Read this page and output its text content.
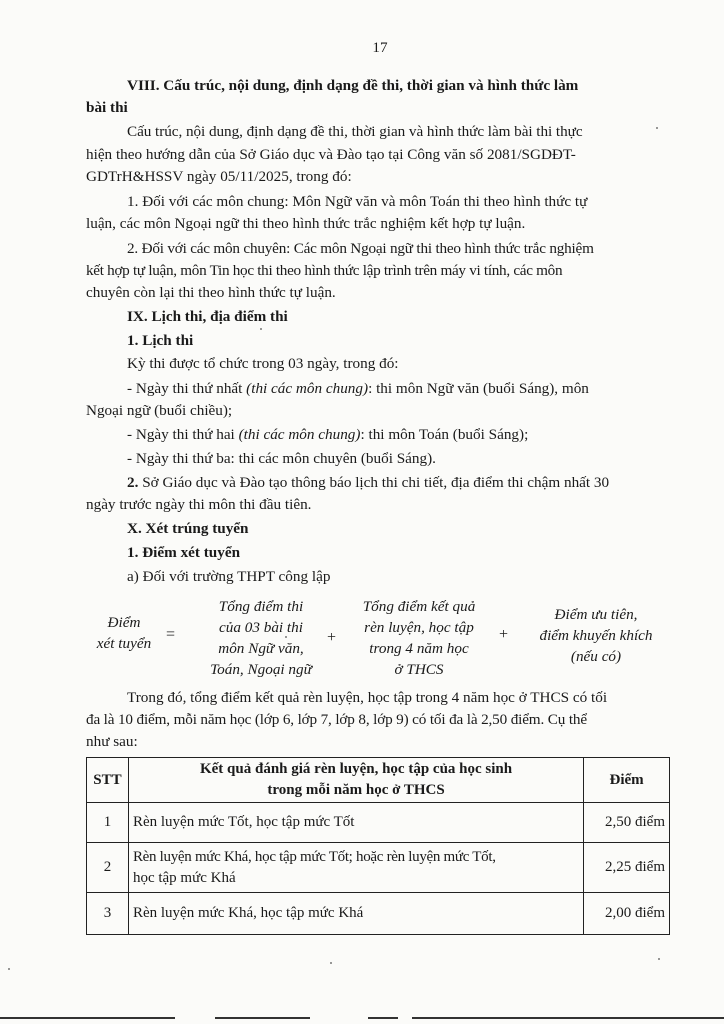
17
VIII. Cấu trúc, nội dung, định dạng đề thi, thời gian và hình thức làm
bài thi
Cấu trúc, nội dung, định dạng đề thi, thời gian và hình thức làm bài thi thực
hiện theo hướng dẫn của Sở Giáo dục và Đào tạo tại Công văn số 2081/SGDĐT-
GDTrH&HSSV ngày 05/11/2025, trong đó:
1. Đối với các môn chung: Môn Ngữ văn và môn Toán thi theo hình thức tự
luận, các môn Ngoại ngữ thi theo hình thức trắc nghiệm kết hợp tự luận.
2. Đối với các môn chuyên: Các môn Ngoại ngữ thi theo hình thức trắc nghiệm
kết hợp tự luận, môn Tin học thi theo hình thức lập trình trên máy vi tính, các môn
chuyên còn lại thi theo hình thức tự luận.
IX. Lịch thi, địa điểm thi
1. Lịch thi
Kỳ thi được tổ chức trong 03 ngày, trong đó:
- Ngày thi thứ nhất (thi các môn chung): thi môn Ngữ văn (buổi Sáng), môn
Ngoại ngữ (buổi chiều);
- Ngày thi thứ hai (thi các môn chung): thi môn Toán (buổi Sáng);
- Ngày thi thứ ba: thi các môn chuyên (buổi Sáng).
2. Sở Giáo dục và Đào tạo thông báo lịch thi chi tiết, địa điểm thi chậm nhất 30
ngày trước ngày thi môn thi đầu tiên.
X. Xét trúng tuyển
1. Điểm xét tuyển
a) Đối với trường THPT công lập
Điểm
xét tuyển
=
Tổng điểm thi
của 03 bài thi
môn Ngữ văn,
Toán, Ngoại ngữ
+
Tổng điểm kết quả
rèn luyện, học tập
trong 4 năm học
ở THCS
+
Điểm ưu tiên,
điểm khuyến khích
(nếu có)
Trong đó, tổng điểm kết quả rèn luyện, học tập trong 4 năm học ở THCS có tối
đa là 10 điểm, mỗi năm học (lớp 6, lớp 7, lớp 8, lớp 9) có tối đa là 2,50 điểm. Cụ thể
như sau:
STT	Kết quả đánh giá rèn luyện, học tập của học sinh
trong mỗi năm học ở THCS	Điểm
1	Rèn luyện mức Tốt, học tập mức Tốt	2,50 điểm
2	Rèn luyện mức Khá, học tập mức Tốt; hoặc rèn luyện mức Tốt,
học tập mức Khá	2,25 điểm
3	Rèn luyện mức Khá, học tập mức Khá	2,00 điểm
